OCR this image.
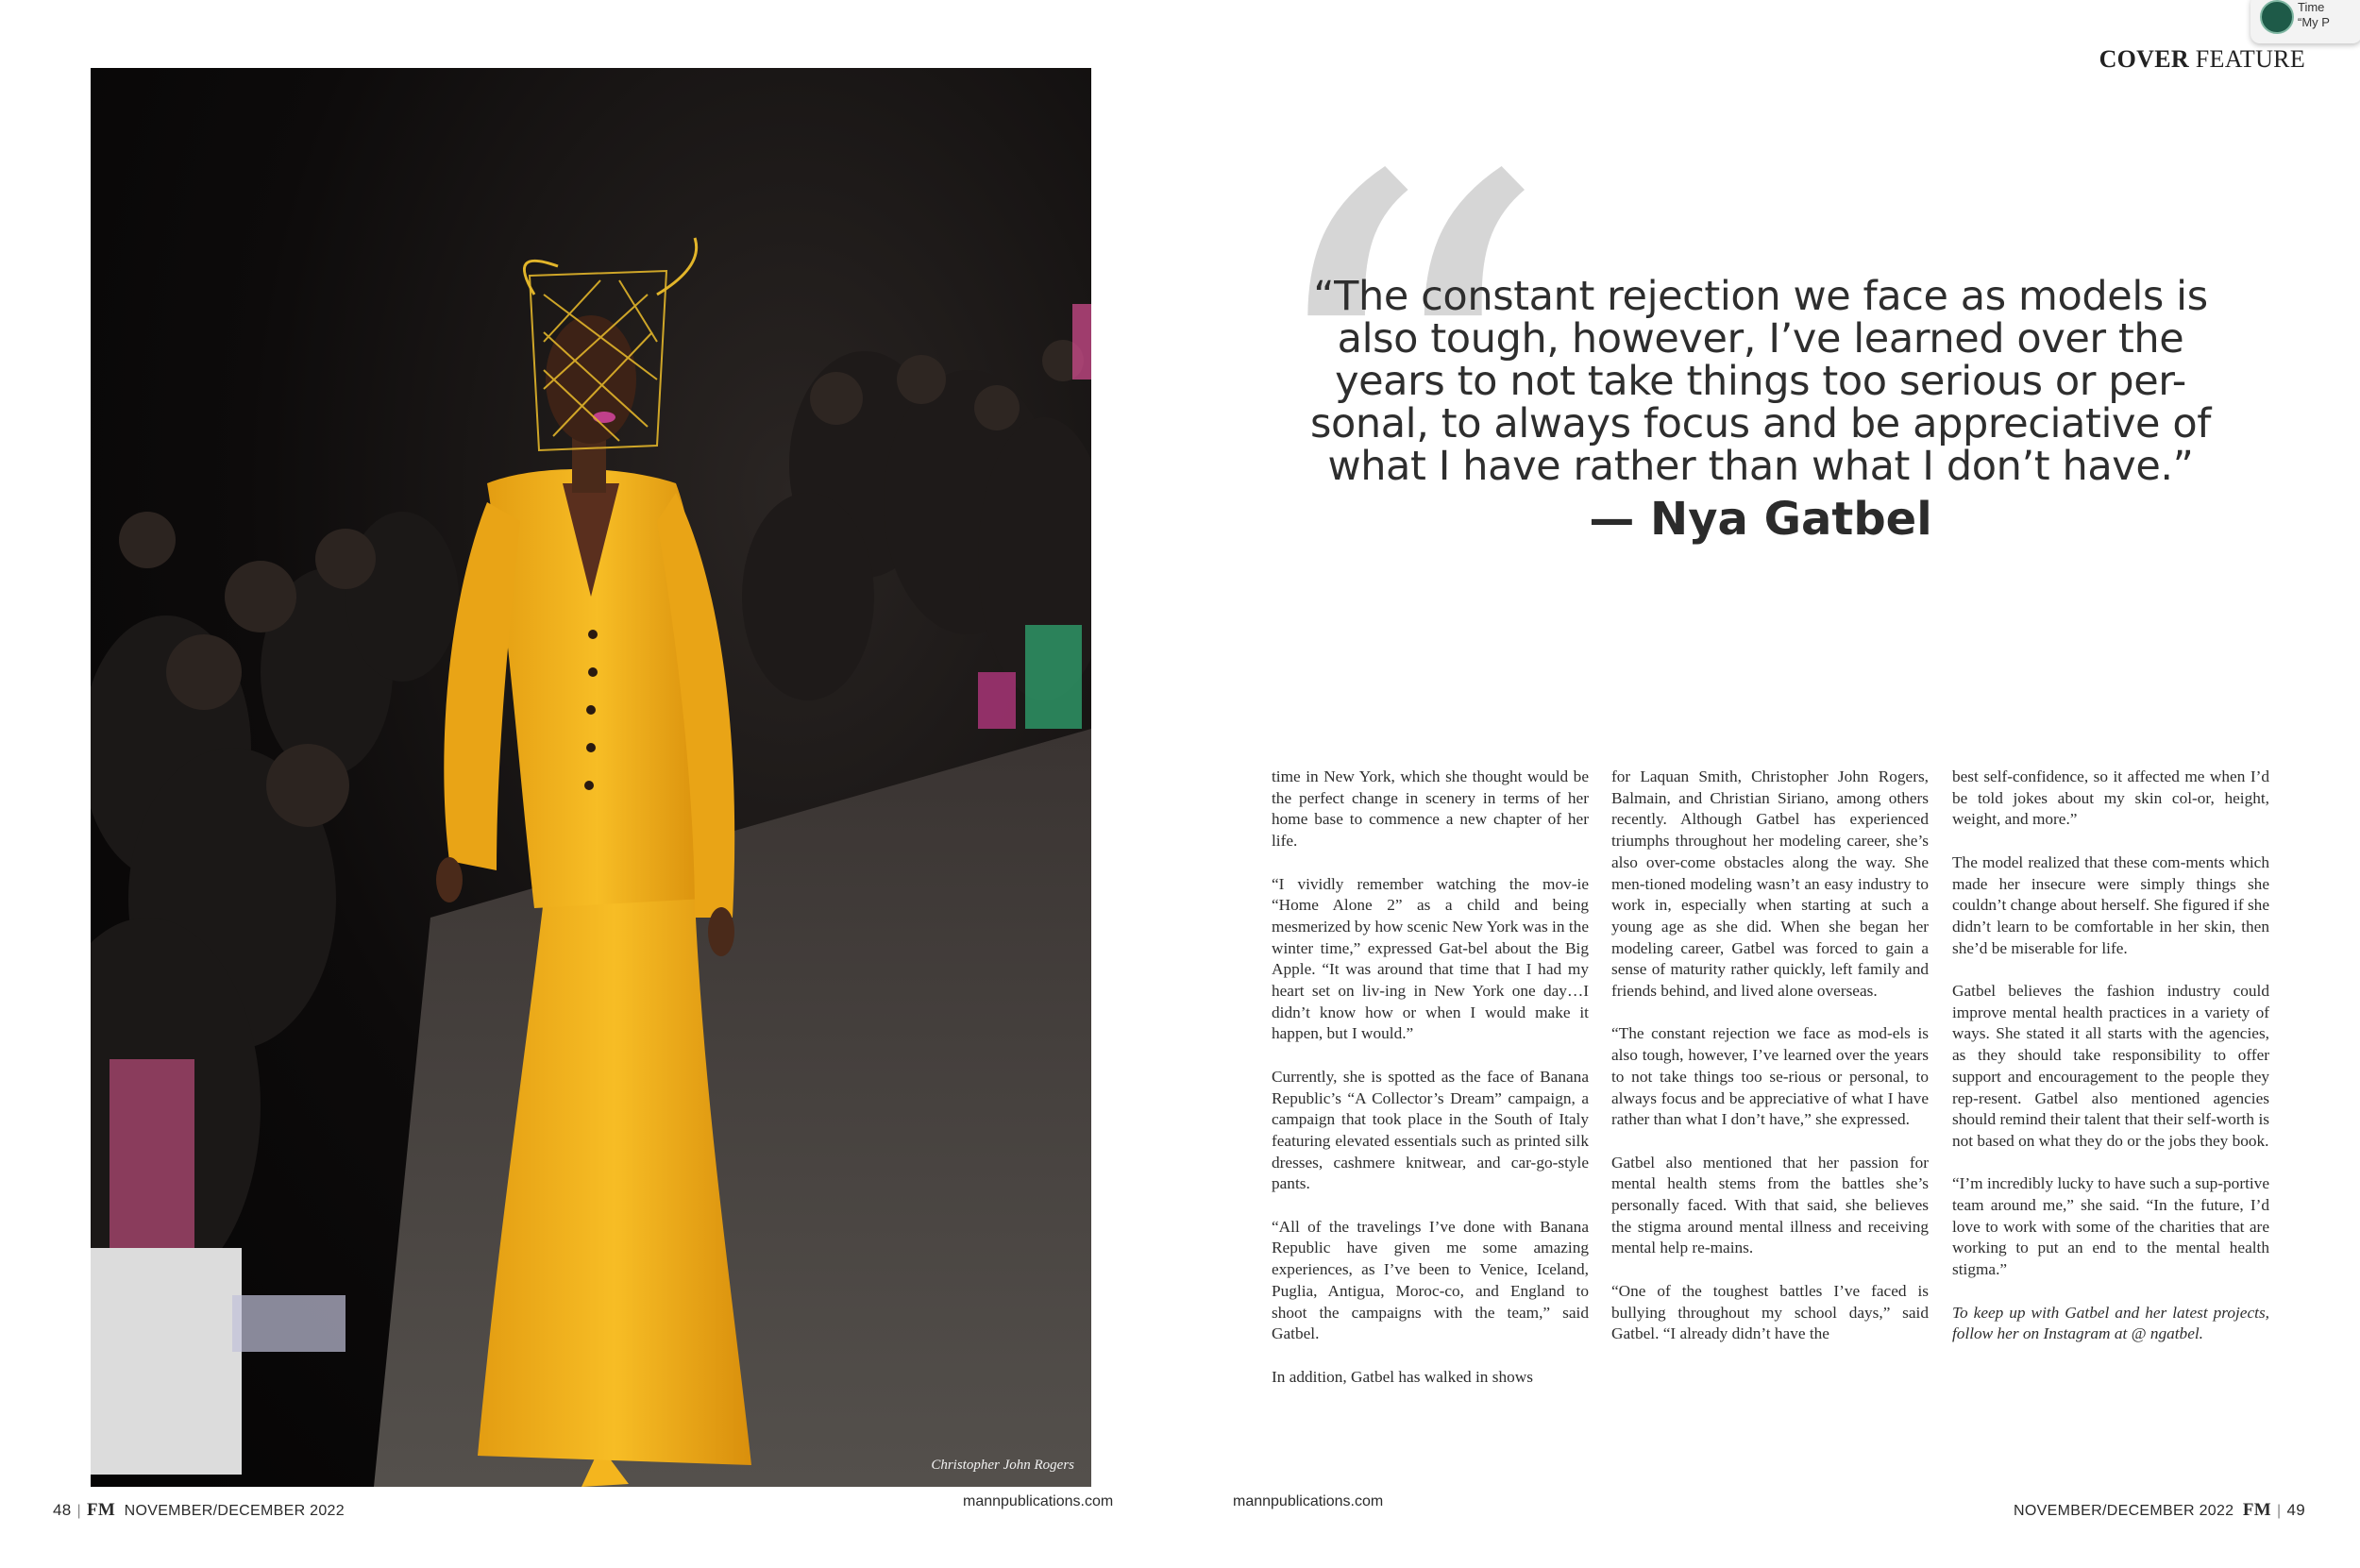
Time
“My P
Christopher John Rogers
COVER FEATURE
“
“The constant rejection we face as models is also tough, however, I’ve learned over the years to not take things too serious or per-sonal, to always focus and be appreciative of what I have rather than what I don’t have.”
— Nya Gatbel

time in New York, which she thought would be the perfect change in scenery in terms of her home base to commence a new chapter of her life.

“I vividly remember watching the mov-ie “Home Alone 2” as a child and being mesmerized by how scenic New York was in the winter time,” expressed Gat-bel about the Big Apple. “It was around that time that I had my heart set on liv-ing in New York one day…I didn’t know how or when I would make it happen, but I would.”

Currently, she is spotted as the face of Banana Republic’s “A Collector’s Dream” campaign, a campaign that took place in the South of Italy featuring elevated essentials such as printed silk dresses, cashmere knitwear, and car-go-style pants.

“All of the travelings I’ve done with Banana Republic have given me some amazing experiences, as I’ve been to Venice, Iceland, Puglia, Antigua, Moroc-co, and England to shoot the campaigns with the team,” said Gatbel.

In addition, Gatbel has walked in shows

for Laquan Smith, Christopher John Rogers, Balmain, and Christian Siriano, among others recently. Although Gatbel has experienced triumphs throughout her modeling career, she’s also over-come obstacles along the way. She men-tioned modeling wasn’t an easy industry to work in, especially when starting at such a young age as she did. When she began her modeling career, Gatbel was forced to gain a sense of maturity rather quickly, left family and friends behind, and lived alone overseas.

“The constant rejection we face as mod-els is also tough, however, I’ve learned over the years to not take things too se-rious or personal, to always focus and be appreciative of what I have rather than what I don’t have,” she expressed.

Gatbel also mentioned that her passion for mental health stems from the battles she’s personally faced. With that said, she believes the stigma around mental illness and receiving mental help re-mains.

“One of the toughest battles I’ve faced is bullying throughout my school days,” said Gatbel. “I already didn’t have the

best self-confidence, so it affected me when I’d be told jokes about my skin col-or, height, weight, and more.”

The model realized that these com-ments which made her insecure were simply things she couldn’t change about herself. She figured if she didn’t learn to be comfortable in her skin, then she’d be miserable for life.

Gatbel believes the fashion industry could improve mental health practices in a variety of ways. She stated it all starts with the agencies, as they should take responsibility to offer support and encouragement to the people they rep-resent. Gatbel also mentioned agencies should remind their talent that their self-worth is not based on what they do or the jobs they book.

“I’m incredibly lucky to have such a sup-portive team around me,” she said. “In the future, I’d love to work with some of the charities that are working to put an end to the mental health stigma.”

To keep up with Gatbel and her latest projects, follow her on Instagram at @ ngatbel.

48 | FM NOVEMBER/DECEMBER 2022
mannpublications.com	mannpublications.com
NOVEMBER/DECEMBER 2022 FM | 49
